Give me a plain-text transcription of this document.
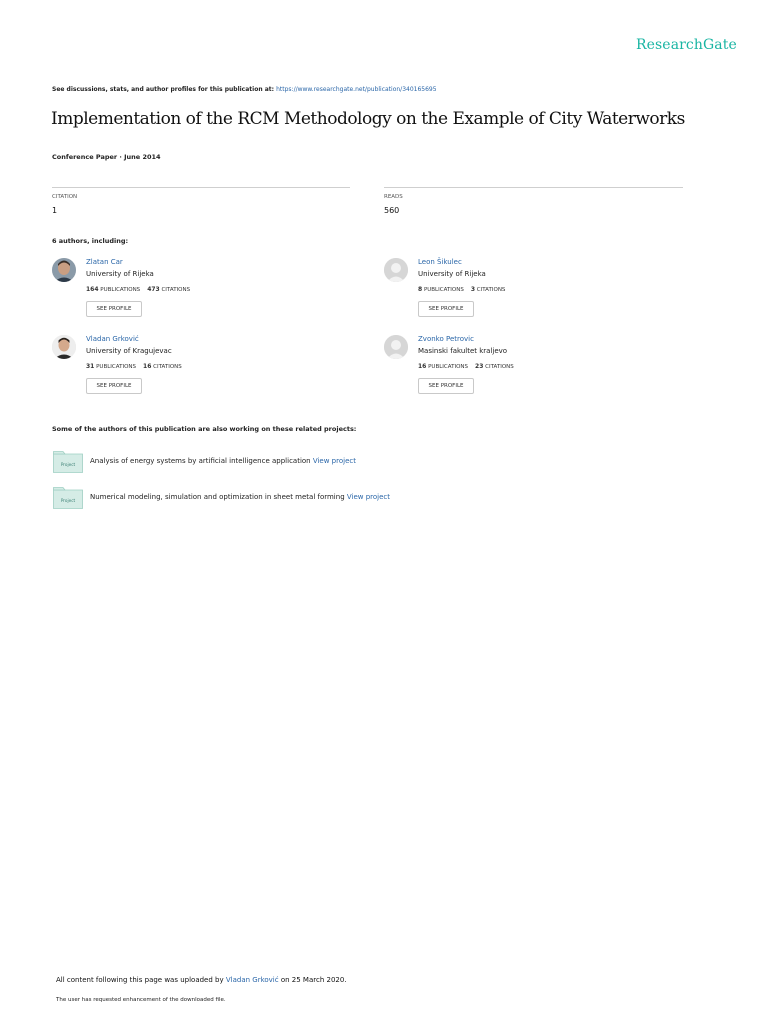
ResearchGate
See discussions, stats, and author profiles for this publication at: https://www.researchgate.net/publication/340165695
Implementation of the RCM Methodology on the Example of City Waterworks
Conference Paper · June 2014
CITATION
1
READS
560
6 authors, including:
Zlatan Car
University of Rijeka
164 PUBLICATIONS 473 CITATIONS
SEE PROFILE
Leon Šikulec
University of Rijeka
8 PUBLICATIONS 3 CITATIONS
SEE PROFILE
Vladan Grković
University of Kragujevac
31 PUBLICATIONS 16 CITATIONS
SEE PROFILE
Zvonko Petrovic
Masinski fakultet kraljevo
16 PUBLICATIONS 23 CITATIONS
SEE PROFILE
Some of the authors of this publication are also working on these related projects:
Project Analysis of energy systems by artificial intelligence application View project
Project Numerical modeling, simulation and optimization in sheet metal forming View project
All content following this page was uploaded by Vladan Grković on 25 March 2020.
The user has requested enhancement of the downloaded file.
